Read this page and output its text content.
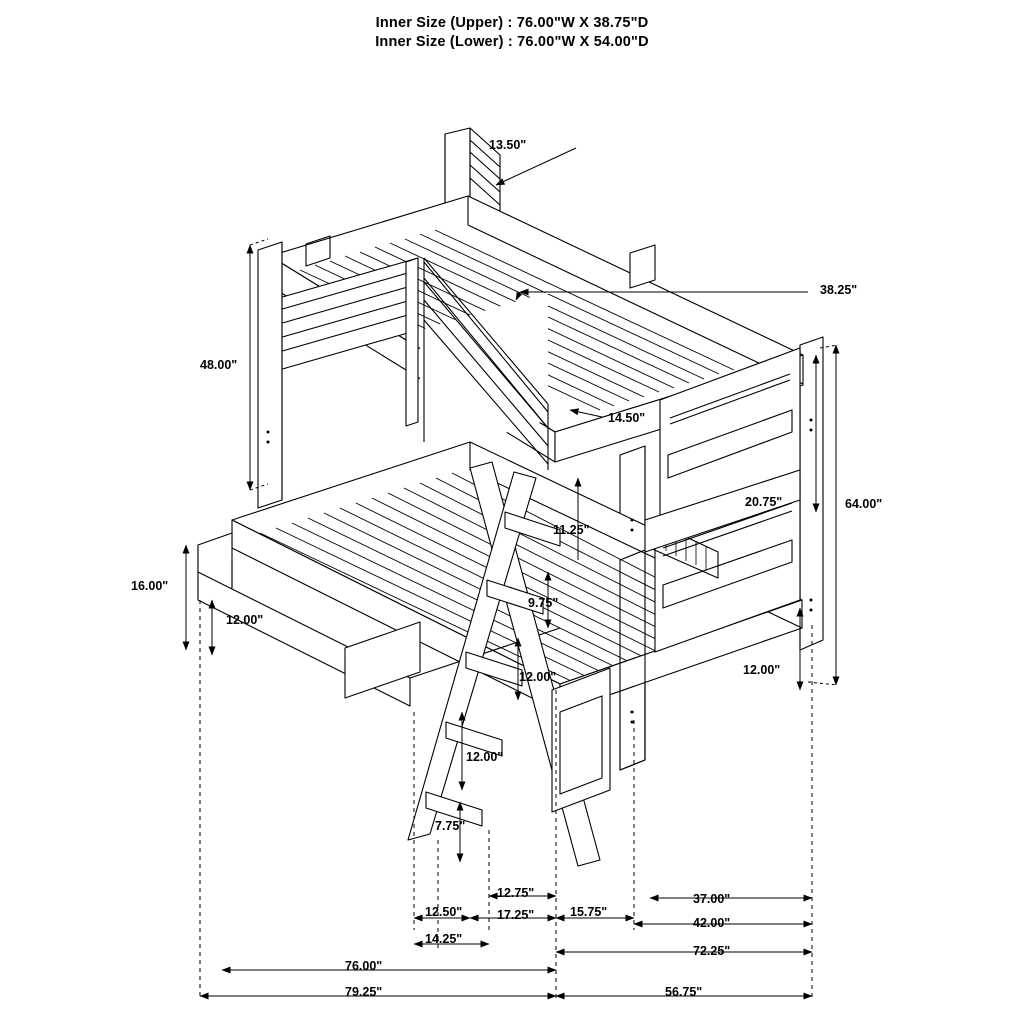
Inner Size (Upper) : 76.00"W X 38.75"D
Inner Size (Lower) : 76.00"W X 54.00"D
13.50"
38.25"
48.00"
14.50"
20.75"	64.00"
11.25"
16.00"
12.00"
9.75"
12.00"	12.00"
12.00"
7.75"
12.75"
12.50"	17.25"	15.75"
37.00"
14.25"
42.00"
72.25"
76.00"
79.25"	56.75"
